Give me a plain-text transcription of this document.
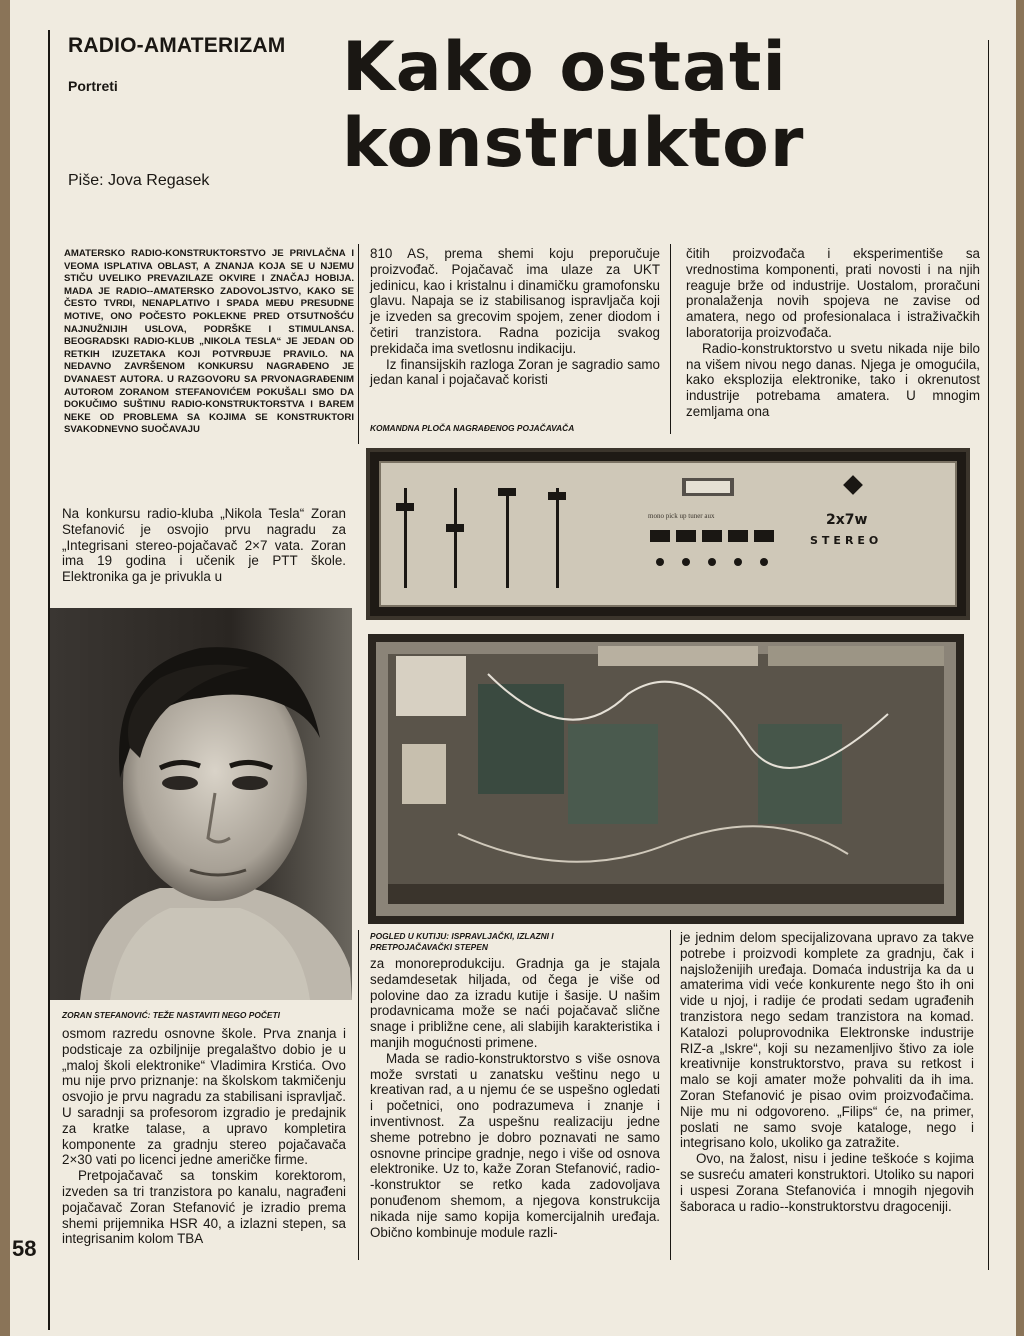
RADIO-AMATERIZAM
Portreti
Piše: Jova Regasek
Kako ostati
konstruktor
AMATERSKO RADIO-KONSTRUKTORSTVO JE PRIVLAČNA I VEOMA ISPLATIVA OBLAST, A ZNANJA KOJA SE U NJEMU STIČU UVELIKO PREVAZILAZE OKVIRE I ZNAČAJ HOBIJA. MADA JE RADIO--AMATERSKO ZADOVOLJSTVO, KAKO SE ČESTO TVRDI, NENAPLATIVO I SPADA MEĐU PRESUDNE MOTIVE, ONO POČESTO POKLEKNE PRED OTSUTNOŠĆU NAJNUŽNIJIH USLOVA, PODRŠKE I STIMULANSA. BEOGRADSKI RADIO-KLUB „NIKOLA TESLA“ JE JEDAN OD RETKIH IZUZETAKA KOJI POTVRĐUJE PRAVILO. NA NEDAVNO ZAVRŠENOM KONKURSU NAGRAĐENO JE DVANAEST AUTORA. U RAZGOVORU SA PRVONAGRAĐENIM AUTOROM ZORANOM STEFANOVIĆEM POKUŠALI SMO DA DOKUČIMO SUŠTINU RADIO-KONSTRUKTORSTVA I BAREM NEKE OD PROBLEMA SA KOJIMA SE KONSTRUKTORI SVAKODNEVNO SUOČAVAJU

Na konkursu radio-kluba „Nikola Tesla“ Zoran Stefanović je osvojio prvu nagradu za „Integrisani stereo-pojačavač 2×7 vata. Zoran ima 19 godina i učenik je PTT škole. Elektronika ga je privukla u

ZORAN STEFANOVIĆ: TEŽE NASTAVITI NEGO POČETI

osmom razredu osnovne škole. Prva znanja i podsticaje za ozbiljnije pregalaštvo dobio je u „maloj školi elektronike“ Vladimira Krstića. Ovo mu nije prvo priznanje: na školskom takmičenju osvojio je prvu nagradu za stabilisani ispravljač. U saradnji sa profesorom izgradio je predajnik za kratke talase, a upravo kompletira komponente za gradnju stereo pojačavača 2×30 vati po licenci jedne američke firme.

Pretpojačavač sa tonskim korektorom, izveden sa tri tranzistora po kanalu, nagrađeni pojačavač Zoran Stefanović je izradio prema shemi prijemnika HSR 40, a izlazni stepen, sa integrisanim kolom TBA

810 AS, prema shemi koju preporučuje proizvođač. Pojačavač ima ulaze za UKT jedinicu, kao i kristalnu i dinamičku gramofonsku glavu. Napaja se iz stabilisanog ispravljača koji je izveden sa grecovim spojem, zener diodom i četiri tranzistora. Radna pozicija svakog prekidača ima svetlosnu indikaciju.

Iz finansijskih razloga Zoran je sagradio samo jedan kanal i pojačavač koristi

KOMANDNA PLOČA NAGRAĐENOG POJAČAVAČA

čitih proizvođača i eksperimentiše sa vrednostima komponenti, prati novosti i na njih reaguje brže od industrije. Uostalom, proračuni pronalaženja novih spojeva ne zavise od amatera, nego od profesionalaca i istraživačkih laboratorija proizvođača.

Radio-konstruktorstvo u svetu nikada nije bilo na višem nivou nego danas. Njega je omogućila, kako eksplozija elektronike, tako i okrenutost industrije potrebama amatera. U mnogim zemljama ona

mono pick up tuner aux	2x7w
STEREO
POGLED U KUTIJU: ISPRAVLJAČKI, IZLAZNI I PRETPOJAČAVAČKI STEPEN

za monoreprodukciju. Gradnja ga je stajala sedamdesetak hiljada, od čega je više od polovine dao za izradu kutije i šasije. U našim prodavnicama može se naći pojačavač slične snage i približne cene, ali slabijih karakteristika i manjih mogućnosti primene.

Mada se radio-konstruktorstvo s više osnova može svrstati u zanatsku veštinu nego u kreativan rad, a u njemu će se uspešno ogledati i početnici, ono podrazumeva i znanje i inventivnost. Za uspešnu realizaciju jedne sheme potrebno je dobro poznavati ne samo osnovne principe gradnje, nego i više od osnova elektronike. Uz to, kaže Zoran Stefanović, radio--konstruktor se retko kada zadovoljava ponuđenom shemom, a njegova konstrukcija nikada nije samo kopija komercijalnih uređaja. Obično kombinuje module razli-

je jednim delom specijalizovana upravo za takve potrebe i proizvodi komplete za gradnju, čak i najsloženijih uređaja. Domaća industrija ka da u amaterima vidi veće konkurente nego što ih oni vide u njoj, i radije će prodati sedam ugrađenih tranzistora nego sedam tranzistora na komad. Katalozi poluprovodnika Elektronske industrije RIZ-a „Iskre“, koji su nezamenljivo štivo za iole kreativnije konstruktorstvo, prava su retkost i malo se koji amater može pohvaliti da ih ima. Zoran Stefanović je pisao ovim proizvođačima. Nije mu ni odgovoreno. „Filips“ će, na primer, poslati ne samo svoje kataloge, nego i integrisano kolo, ukoliko ga zatražite.

Ovo, na žalost, nisu i jedine teškoće s kojima se susreću amateri konstruktori. Utoliko su napori i uspesi Zorana Stefanovića i mnogih njegovih šaboraca u radio--konstruktorstvu dragoceniji.

58
